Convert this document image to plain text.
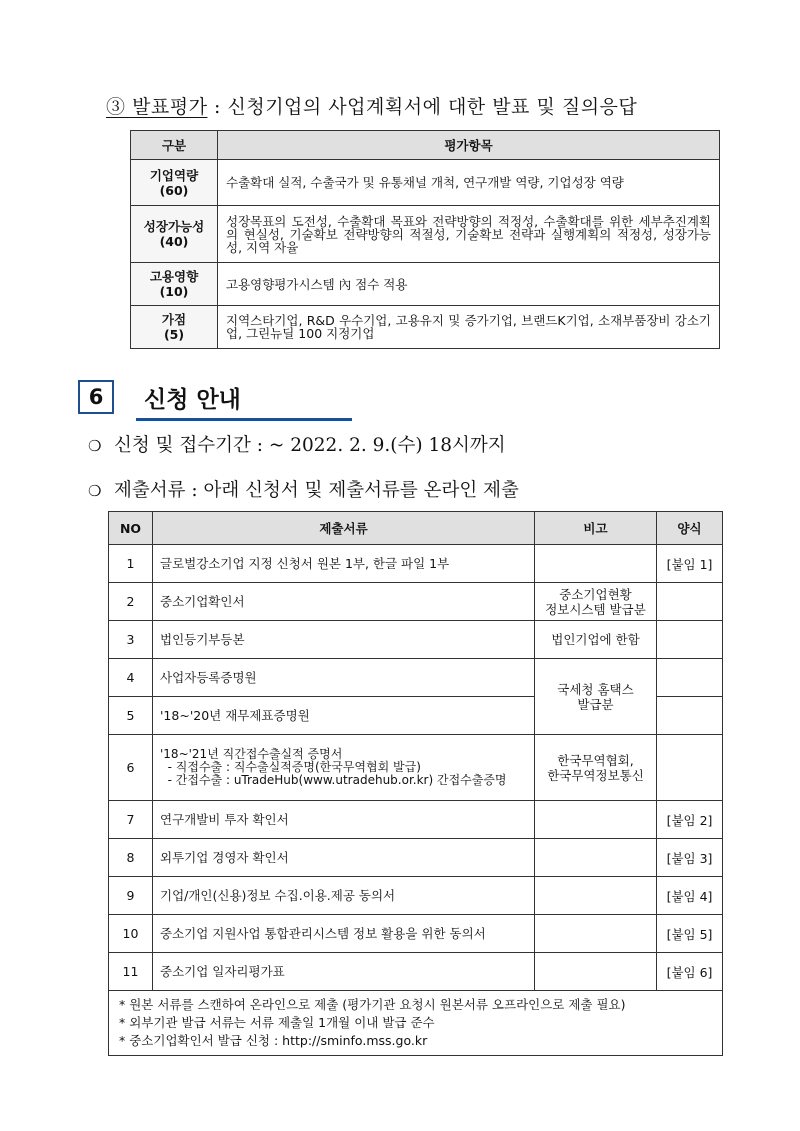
③ 발표평가 : 신청기업의 사업계획서에 대한 발표 및 질의응답
구분	평가항목

기업역량
(60)	수출확대 실적, 수출국가 및 유통채널 개척, 연구개발 역량, 기업성장 역량

성장가능성
(40)	성장목표의 도전성, 수출확대 목표와 전략방향의 적정성, 수출확대를 위한 세부추진계획의 현실성, 기술확보 전략방향의 적절성, 기술확보 전략과 실행계획의 적정성, 성장가능성, 지역 자율

고용영향
(10)	고용영향평가시스템 內 점수 적용

가점
(5)	지역스타기업, R&D 우수기업, 고용유지 및 증가기업, 브랜드K기업, 소재부품장비 강소기업, 그린뉴딜 100 지정기업
6	신청 안내
❍ 신청 및 접수기간 : ~ 2022. 2. 9.(수) 18시까지
❍ 제출서류 : 아래 신청서 및 제출서류를 온라인 제출
NO	제출서류	비고	양식
1	글로벌강소기업 지정 신청서 원본 1부, 한글 파일 1부		[붙임 1]
2	중소기업확인서	중소기업현황
정보시스템 발급분	
3	법인등기부등본	법인기업에 한함	
4	사업자등록증명원	국세청 홈택스
발급분	
5	'18~'20년 재무제표증명원		
6	'18~'21년 직간접수출실적 증명서
- 직접수출 : 직수출실적증명(한국무역협회 발급)
- 간접수출 : uTradeHub(www.utradehub.or.kr) 간접수출증명	한국무역협회,
한국무역정보통신	
7	연구개발비 투자 확인서		[붙임 2]
8	외투기업 경영자 확인서		[붙임 3]
9	기업/개인(신용)정보 수집.이용.제공 동의서		[붙임 4]
10	중소기업 지원사업 통합관리시스템 정보 활용을 위한 동의서		[붙임 5]
11	중소기업 일자리평가표		[붙임 6]

* 원본 서류를 스캔하여 온라인으로 제출 (평가기관 요청시 원본서류 오프라인으로 제출 필요)
* 외부기관 발급 서류는 서류 제출일 1개월 이내 발급 준수
* 중소기업확인서 발급 신청 : http://sminfo.mss.go.kr			
